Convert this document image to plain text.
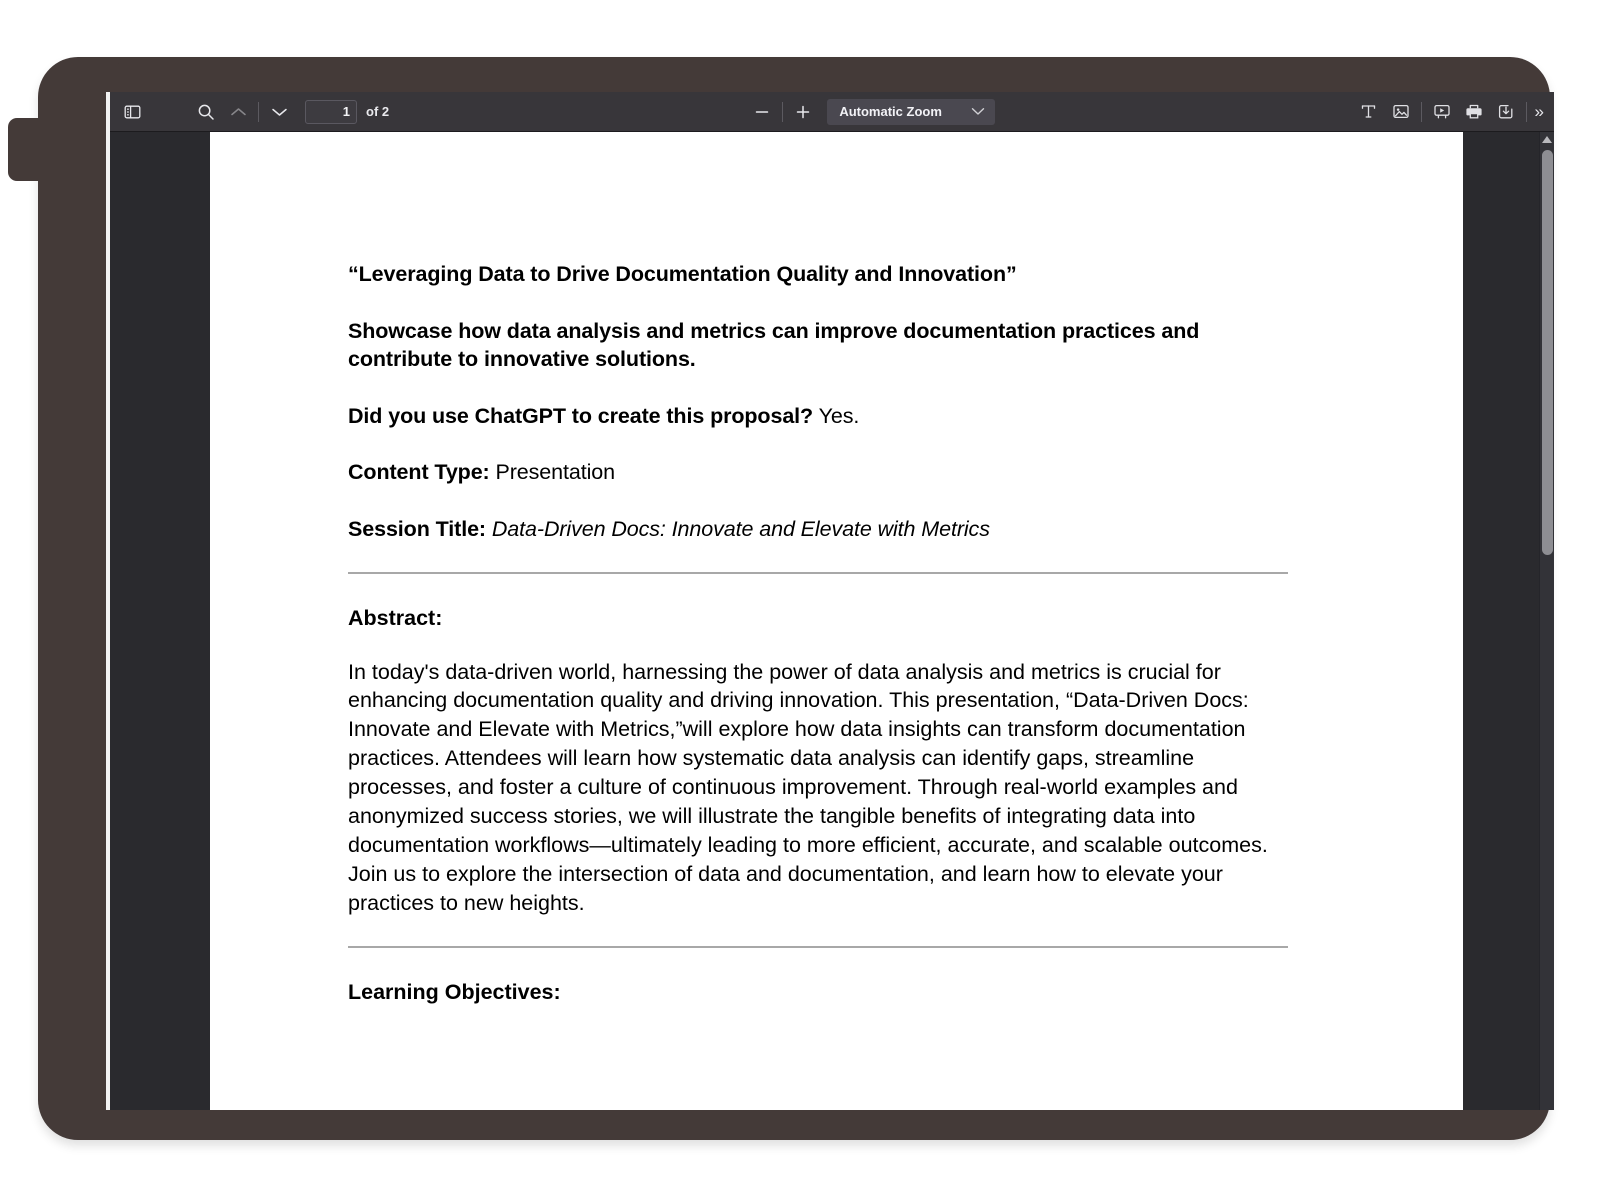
1	of 2	Automatic Zoom	»
“Leveraging Data to Drive Documentation Quality and Innovation”
Showcase how data analysis and metrics can improve documentation practices and contribute to innovative solutions.
Did you use ChatGPT to create this proposal? Yes.
Content Type: Presentation
Session Title: Data-Driven Docs: Innovate and Elevate with Metrics
Abstract:
In today's data-driven world, harnessing the power of data analysis and metrics is crucial for enhancing documentation quality and driving innovation. This presentation, “Data-Driven Docs: Innovate and Elevate with Metrics,”will explore how data insights can transform documentation practices. Attendees will learn how systematic data analysis can identify gaps, streamline processes, and foster a culture of continuous improvement. Through real-world examples and anonymized success stories, we will illustrate the tangible benefits of integrating data into documentation workflows—ultimately leading to more efficient, accurate, and scalable outcomes. Join us to explore the intersection of data and documentation, and learn how to elevate your practices to new heights.
Learning Objectives:
